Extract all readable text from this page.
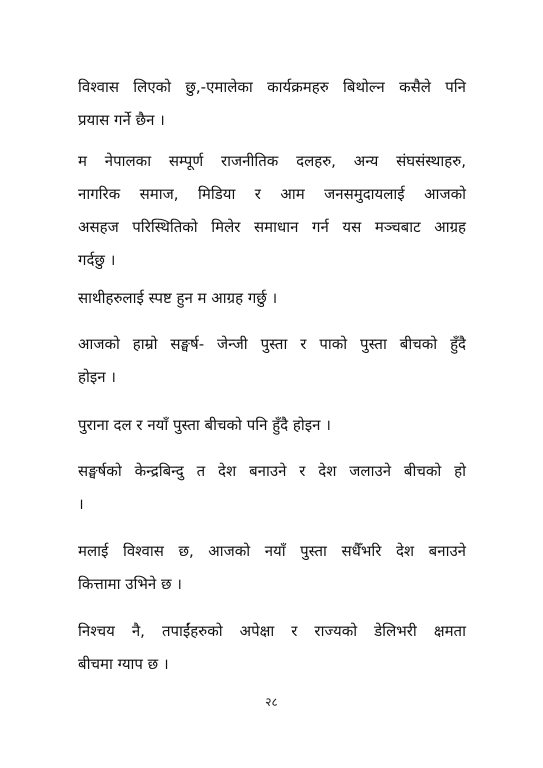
विश्वास लिएको छु,-एमालेका कार्यक्रमहरु बिथोल्न कसैले पनि
प्रयास गर्ने छैन ।
म नेपालका सम्पूर्ण राजनीतिक दलहरु, अन्य संघसंस्थाहरु,
नागरिक समाज, मिडिया र आम जनसमुदायलाई आजको
असहज परिस्थितिको मिलेर समाधान गर्न यस मञ्चबाट आग्रह
गर्दछु ।
साथीहरुलाई स्पष्ट हुन म आग्रह गर्छु ।
आजको हाम्रो सङ्घर्ष- जेन्जी पुस्ता र पाको पुस्ता बीचको हुँदै
होइन ।
पुराना दल र नयाँ पुस्ता बीचको पनि हुँदै होइन ।
सङ्घर्षको केन्द्रबिन्दु त देश बनाउने र देश जलाउने बीचको हो
।
मलाई विश्वास छ, आजको नयाँ पुस्ता सधैँभरि देश बनाउने
कित्तामा उभिने छ ।
निश्चय नै, तपाईंहरुको अपेक्षा र राज्यको डेलिभरी क्षमता
बीचमा ग्याप छ ।
२८
